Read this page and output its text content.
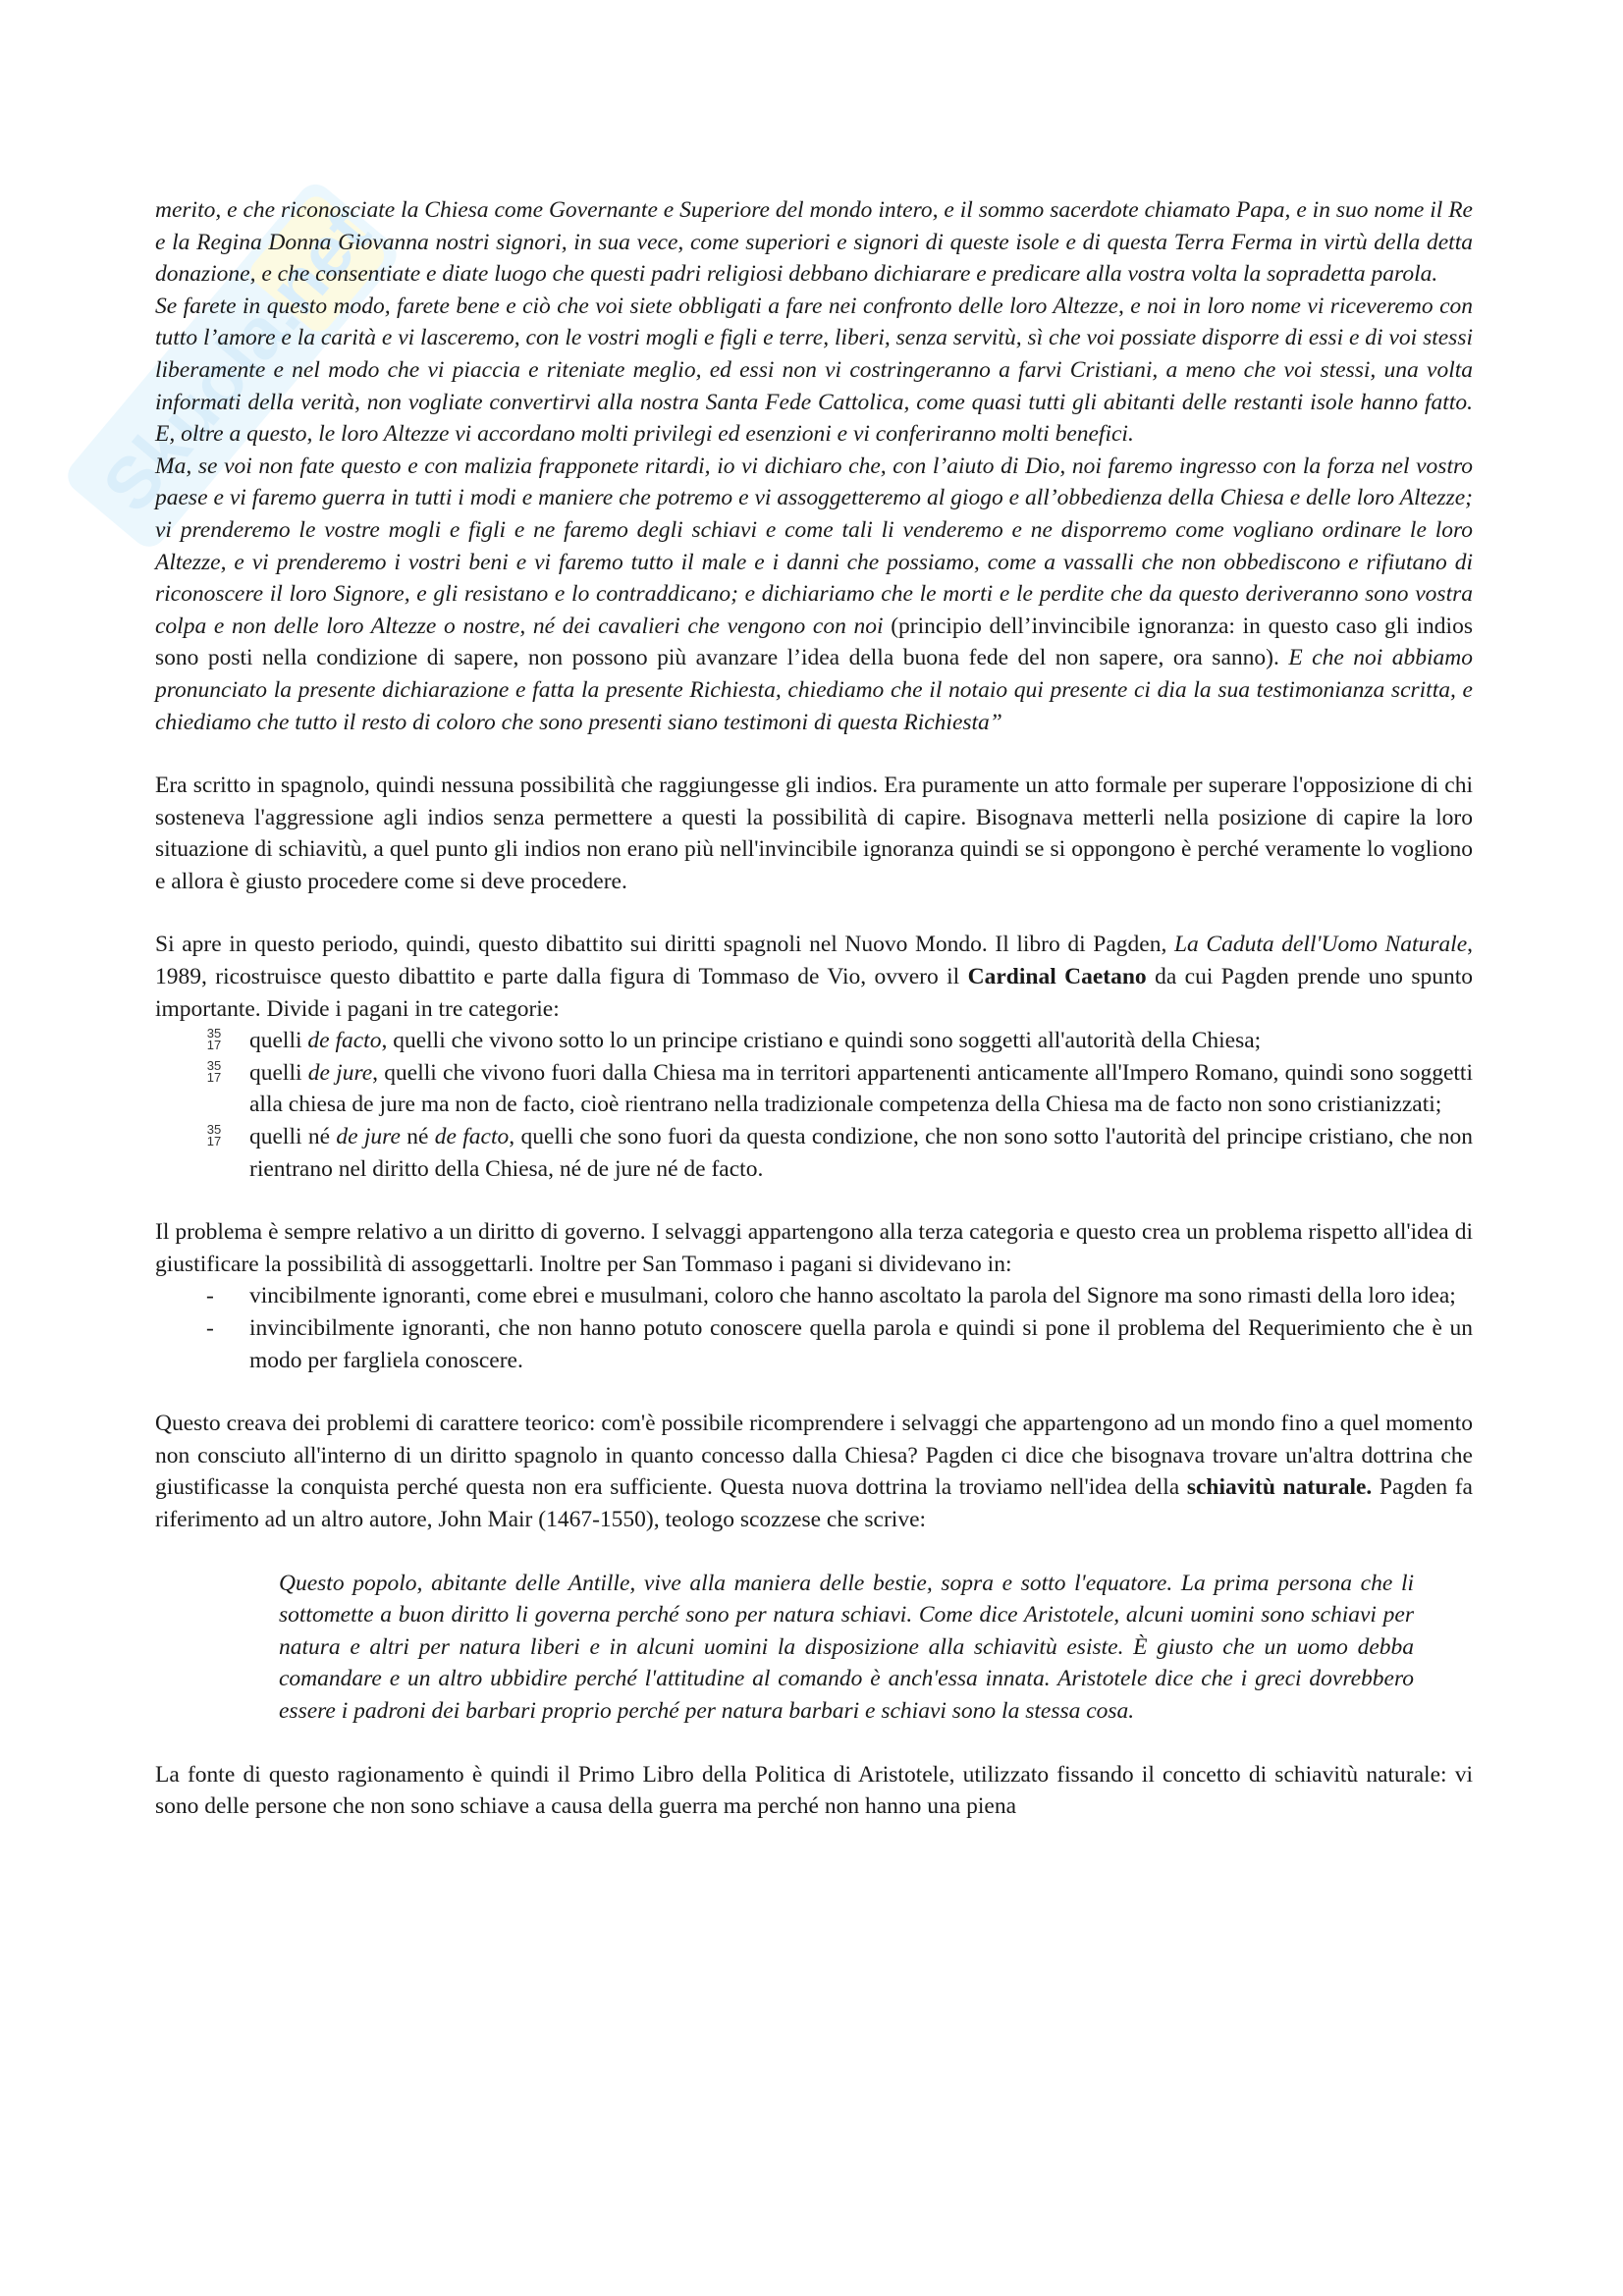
Skuola.net

merito, e che riconosciate la Chiesa come Governante e Superiore del mondo intero, e il sommo sacerdote chiamato Papa, e in suo nome il Re e la Regina Donna Giovanna nostri signori, in sua vece, come superiori e signori di queste isole e di questa Terra Ferma in virtù della detta donazione, e che consentiate e diate luogo che questi padri religiosi debbano dichiarare e predicare alla vostra volta la sopradetta parola.

Se farete in questo modo, farete bene e ciò che voi siete obbligati a fare nei confronto delle loro Altezze, e noi in loro nome vi riceveremo con tutto l’amore e la carità e vi lasceremo, con le vostri mogli e figli e terre, liberi, senza servitù, sì che voi possiate disporre di essi e di voi stessi liberamente e nel modo che vi piaccia e riteniate meglio, ed essi non vi costringeranno a farvi Cristiani, a meno che voi stessi, una volta informati della verità, non vogliate convertirvi alla nostra Santa Fede Cattolica, come quasi tutti gli abitanti delle restanti isole hanno fatto. E, oltre a questo, le loro Altezze vi accordano molti privilegi ed esenzioni e vi conferiranno molti benefici.

Ma, se voi non fate questo e con malizia frapponete ritardi, io vi dichiaro che, con l’aiuto di Dio, noi faremo ingresso con la forza nel vostro paese e vi faremo guerra in tutti i modi e maniere che potremo e vi assoggetteremo al giogo e all’obbedienza della Chiesa e delle loro Altezze; vi prenderemo le vostre mogli e figli e ne faremo degli schiavi e come tali li venderemo e ne disporremo come vogliano ordinare le loro Altezze, e vi prenderemo i vostri beni e vi faremo tutto il male e i danni che possiamo, come a vassalli che non obbediscono e rifiutano di riconoscere il loro Signore, e gli resistano e lo contraddicano; e dichiariamo che le morti e le perdite che da questo deriveranno sono vostra colpa e non delle loro Altezze o nostre, né dei cavalieri che vengono con noi (principio dell’invincibile ignoranza: in questo caso gli indios sono posti nella condizione di sapere, non possono più avanzare l’idea della buona fede del non sapere, ora sanno). E che noi abbiamo pronunciato la presente dichiarazione e fatta la presente Richiesta, chiediamo che il notaio qui presente ci dia la sua testimonianza scritta, e chiediamo che tutto il resto di coloro che sono presenti siano testimoni di questa Richiesta”

Era scritto in spagnolo, quindi nessuna possibilità che raggiungesse gli indios. Era puramente un atto formale per superare l'opposizione di chi sosteneva l'aggressione agli indios senza permettere a questi la possibilità di capire. Bisognava metterli nella posizione di capire la loro situazione di schiavitù, a quel punto gli indios non erano più nell'invincibile ignoranza quindi se si oppongono è perché veramente lo vogliono e allora è giusto procedere come si deve procedere.

Si apre in questo periodo, quindi, questo dibattito sui diritti spagnoli nel Nuovo Mondo. Il libro di Pagden, La Caduta dell'Uomo Naturale, 1989, ricostruisce questo dibattito e parte dalla figura di Tommaso de Vio, ovvero il Cardinal Caetano da cui Pagden prende uno spunto importante. Divide i pagani in tre categorie:

35
17 quelli de facto, quelli che vivono sotto lo un principe cristiano e quindi sono soggetti all'autorità della Chiesa;
35
17 quelli de jure, quelli che vivono fuori dalla Chiesa ma in territori appartenenti anticamente all'Impero Romano, quindi sono soggetti alla chiesa de jure ma non de facto, cioè rientrano nella tradizionale competenza della Chiesa ma de facto non sono cristianizzati;
35
17 quelli né de jure né de facto, quelli che sono fuori da questa condizione, che non sono sotto l'autorità del principe cristiano, che non rientrano nel diritto della Chiesa, né de jure né de facto.

Il problema è sempre relativo a un diritto di governo. I selvaggi appartengono alla terza categoria e questo crea un problema rispetto all'idea di giustificare la possibilità di assoggettarli. Inoltre per San Tommaso i pagani si dividevano in:

- vincibilmente ignoranti, come ebrei e musulmani, coloro che hanno ascoltato la parola del Signore ma sono rimasti della loro idea;
- invincibilmente ignoranti, che non hanno potuto conoscere quella parola e quindi si pone il problema del Requerimiento che è un modo per fargliela conoscere.

Questo creava dei problemi di carattere teorico: com'è possibile ricomprendere i selvaggi che appartengono ad un mondo fino a quel momento non consciuto all'interno di un diritto spagnolo in quanto concesso dalla Chiesa? Pagden ci dice che bisognava trovare un'altra dottrina che giustificasse la conquista perché questa non era sufficiente. Questa nuova dottrina la troviamo nell'idea della schiavitù naturale. Pagden fa riferimento ad un altro autore, John Mair (1467-1550), teologo scozzese che scrive:

Questo popolo, abitante delle Antille, vive alla maniera delle bestie, sopra e sotto l'equatore. La prima persona che li sottomette a buon diritto li governa perché sono per natura schiavi. Come dice Aristotele, alcuni uomini sono schiavi per natura e altri per natura liberi e in alcuni uomini la disposizione alla schiavitù esiste. È giusto che un uomo debba comandare e un altro ubbidire perché l'attitudine al comando è anch'essa innata. Aristotele dice che i greci dovrebbero essere i padroni dei barbari proprio perché per natura barbari e schiavi sono la stessa cosa.

La fonte di questo ragionamento è quindi il Primo Libro della Politica di Aristotele, utilizzato fissando il concetto di schiavitù naturale: vi sono delle persone che non sono schiave a causa della guerra ma perché non hanno una piena
